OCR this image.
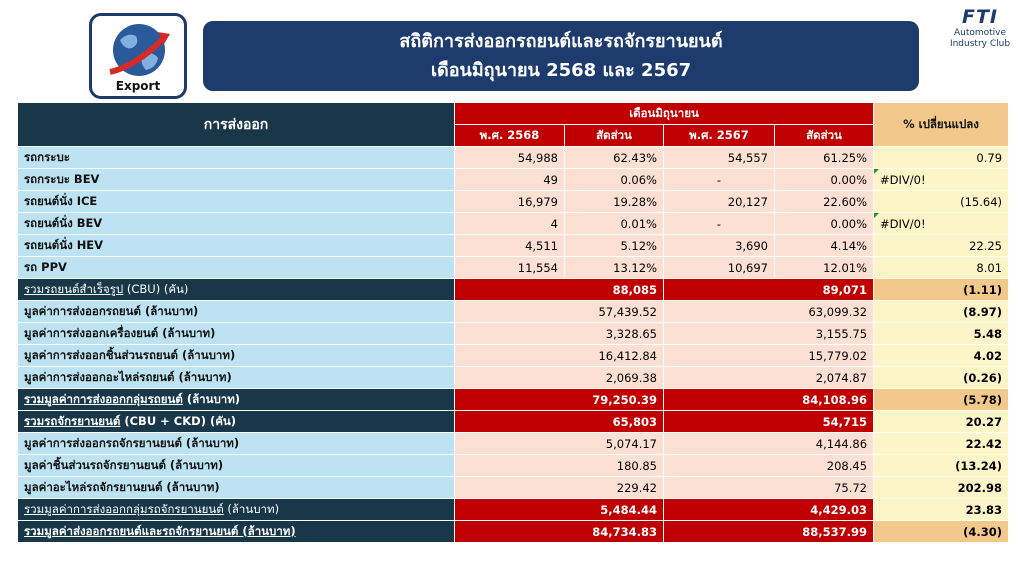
Export
สถิติการส่งออกรถยนต์และรถจักรยานยนต์
เดือนมิถุนายน 2568 และ 2567
FTI
Automotive
Industry Club
การส่งออก	เดือนมิถุนายน				% เปลี่ยนแปลง
	พ.ศ. 2568	สัดส่วน	พ.ศ. 2567	สัดส่วน	
รถกระบะ	54,988	62.43%	54,557	61.25%	0.79
รถกระบะ BEV	49	0.06%	-	0.00%	#DIV/0!
รถยนต์นั่ง ICE	16,979	19.28%	20,127	22.60%	(15.64)
รถยนต์นั่ง BEV	4	0.01%	-	0.00%	#DIV/0!
รถยนต์นั่ง HEV	4,511	5.12%	3,690	4.14%	22.25
รถ PPV	11,554	13.12%	10,697	12.01%	8.01
รวมรถยนต์สำเร็จรูป (CBU) (คัน)	88,085		89,071		(1.11)
มูลค่าการส่งออกรถยนต์ (ล้านบาท)	57,439.52		63,099.32		(8.97)
มูลค่าการส่งออกเครื่องยนต์ (ล้านบาท)	3,328.65		3,155.75		5.48
มูลค่าการส่งออกชิ้นส่วนรถยนต์ (ล้านบาท)	16,412.84		15,779.02		4.02
มูลค่าการส่งออกอะไหล่รถยนต์ (ล้านบาท)	2,069.38		2,074.87		(0.26)
รวมมูลค่าการส่งออกกลุ่มรถยนต์ (ล้านบาท)	79,250.39		84,108.96		(5.78)
รวมรถจักรยานยนต์ (CBU + CKD) (คัน)	65,803		54,715		20.27
มูลค่าการส่งออกรถจักรยานยนต์ (ล้านบาท)	5,074.17		4,144.86		22.42
มูลค่าชิ้นส่วนรถจักรยานยนต์ (ล้านบาท)	180.85		208.45		(13.24)
มูลค่าอะไหล่รถจักรยานยนต์ (ล้านบาท)	229.42		75.72		202.98
รวมมูลค่าการส่งออกกลุ่มรถจักรยานยนต์ (ล้านบาท)	5,484.44		4,429.03		23.83
รวมมูลค่าส่งออกรถยนต์และรถจักรยานยนต์ (ล้านบาท)	84,734.83		88,537.99		(4.30)
